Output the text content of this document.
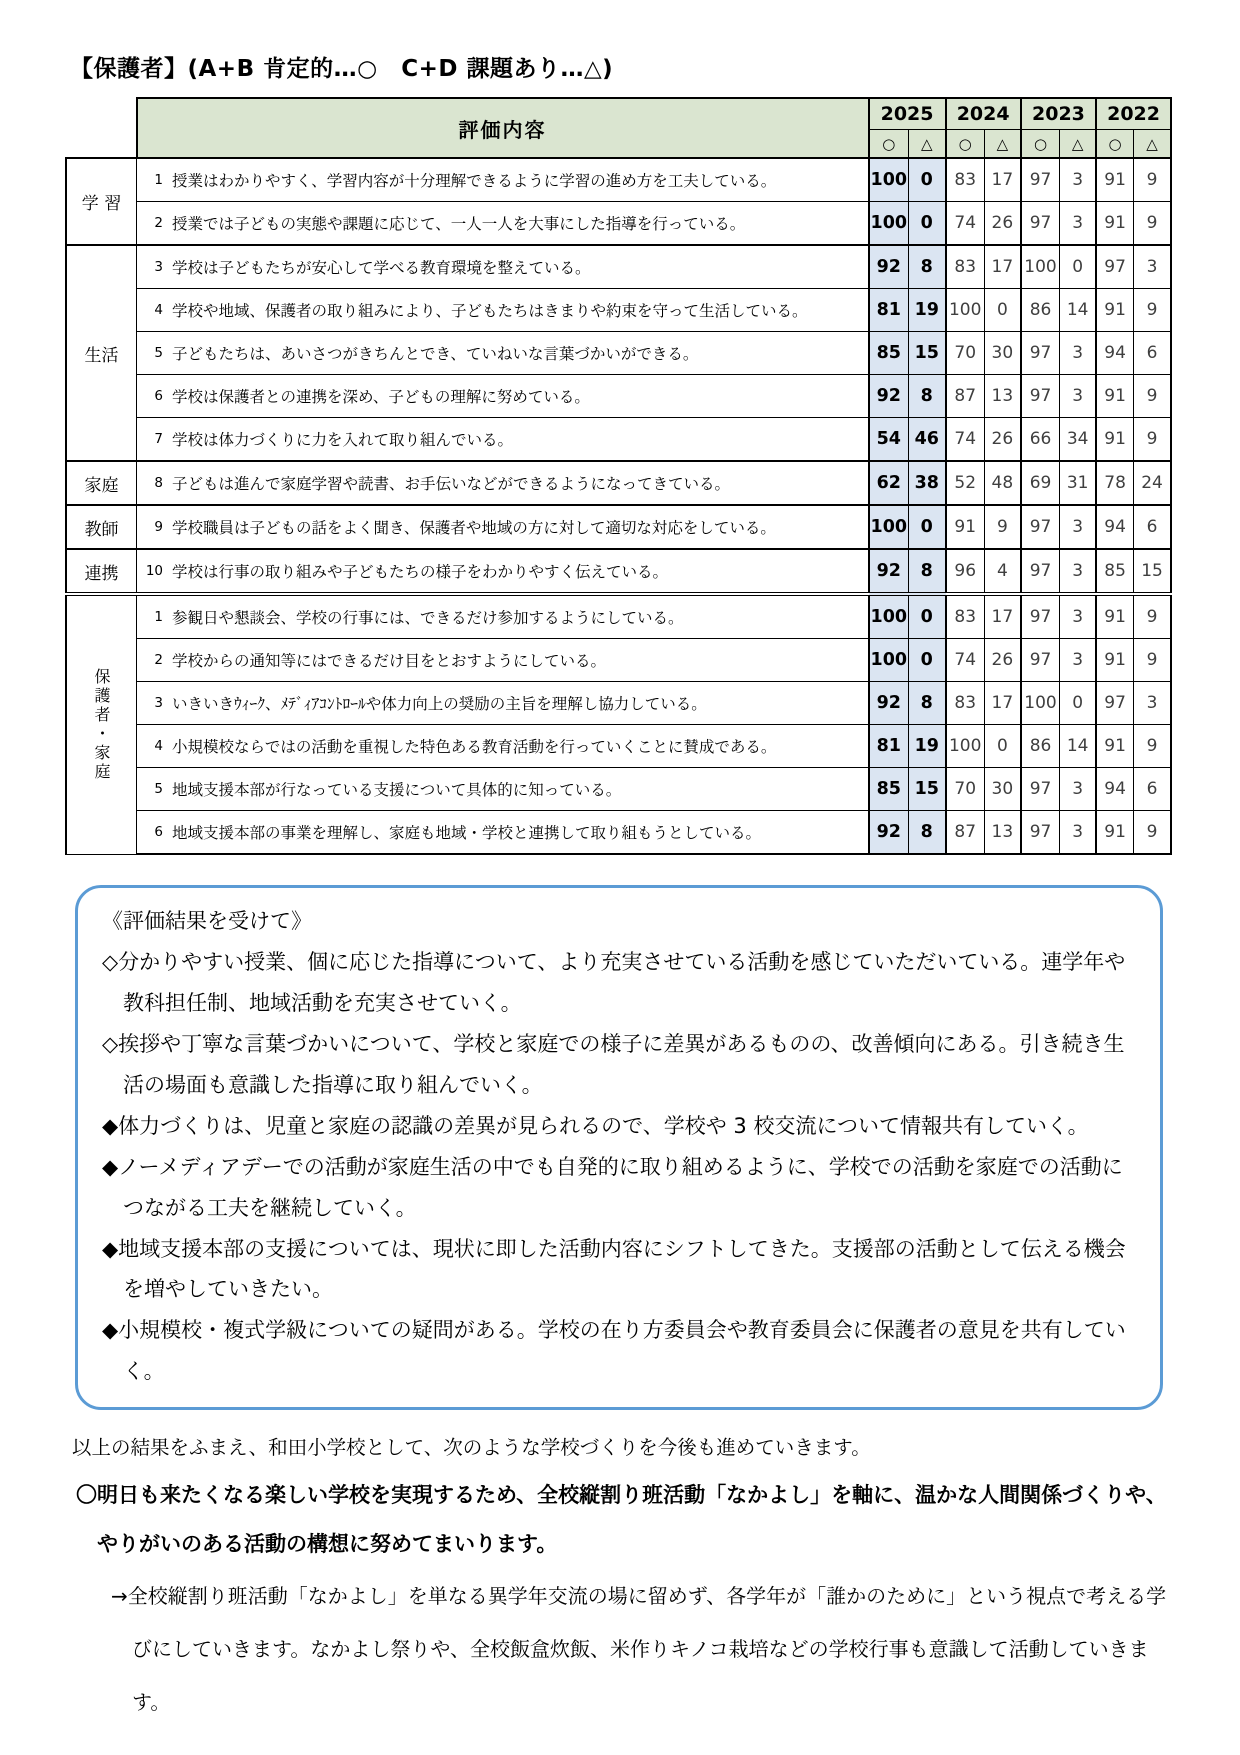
【保護者】(A+B 肯定的…○　C+D 課題あり…△)
	評価内容	2025		2024		2023		2022	
		○	△	○	△	○	△	○	△
学 習	1 授業はわかりやすく、学習内容が十分理解できるように学習の進め方を工夫している。	100	0	83	17	97	3	91	9

	2 授業では子どもの実態や課題に応じて、一人一人を大事にした指導を行っている。	100	0	74	26	97	3	91	9
生活	3 学校は子どもたちが安心して学べる教育環境を整えている。	92	8	83	17	100	0	97	3

	4 学校や地域、保護者の取り組みにより、子どもたちはきまりや約束を守って生活している。	81	19	100	0	86	14	91	9

	5 子どもたちは、あいさつがきちんとでき、ていねいな言葉づかいができる。	85	15	70	30	97	3	94	6

	6 学校は保護者との連携を深め、子どもの理解に努めている。	92	8	87	13	97	3	91	9

	7 学校は体力づくりに力を入れて取り組んでいる。	54	46	74	26	66	34	91	9
家庭	8 子どもは進んで家庭学習や読書、お手伝いなどができるようになってきている。	62	38	52	48	69	31	78	24
教師	9 学校職員は子どもの話をよく聞き、保護者や地域の方に対して適切な対応をしている。	100	0	91	9	97	3	94	6
連携	10 学校は行事の取り組みや子どもたちの様子をわかりやすく伝えている。	92	8	96	4	97	3	85	15
保護者・家庭	1 参観日や懇談会、学校の行事には、できるだけ参加するようにしている。	100	0	83	17	97	3	91	9

	2 学校からの通知等にはできるだけ目をとおすようにしている。	100	0	74	26	97	3	91	9

	3 いきいきｳｨｰｸ、ﾒﾃﾞｨｱｺﾝﾄﾛｰﾙや体力向上の奨励の主旨を理解し協力している。	92	8	83	17	100	0	97	3

	4 小規模校ならではの活動を重視した特色ある教育活動を行っていくことに賛成である。	81	19	100	0	86	14	91	9

	5 地域支援本部が行なっている支援について具体的に知っている。	85	15	70	30	97	3	94	6

	6 地域支援本部の事業を理解し、家庭も地域・学校と連携して取り組もうとしている。	92	8	87	13	97	3	91	9
《評価結果を受けて》
◇分かりやすい授業、個に応じた指導について、より充実させている活動を感じていただいている。連学年や教科担任制、地域活動を充実させていく。
◇挨拶や丁寧な言葉づかいについて、学校と家庭での様子に差異があるものの、改善傾向にある。引き続き生活の場面も意識した指導に取り組んでいく。
◆体力づくりは、児童と家庭の認識の差異が見られるので、学校や 3 校交流について情報共有していく。
◆ノーメディアデーでの活動が家庭生活の中でも自発的に取り組めるように、学校での活動を家庭での活動につながる工夫を継続していく。
◆地域支援本部の支援については、現状に即した活動内容にシフトしてきた。支援部の活動として伝える機会を増やしていきたい。
◆小規模校・複式学級についての疑問がある。学校の在り方委員会や教育委員会に保護者の意見を共有していく。

以上の結果をふまえ、和田小学校として、次のような学校づくりを今後も進めていきます。

〇明日も来たくなる楽しい学校を実現するため、全校縦割り班活動「なかよし」を軸に、温かな人間関係づくりや、やりがいのある活動の構想に努めてまいります。

→全校縦割り班活動「なかよし」を単なる異学年交流の場に留めず、各学年が「誰かのために」という視点で考える学びにしていきます。なかよし祭りや、全校飯盒炊飯、米作りキノコ栽培などの学校行事も意識して活動していきます。
